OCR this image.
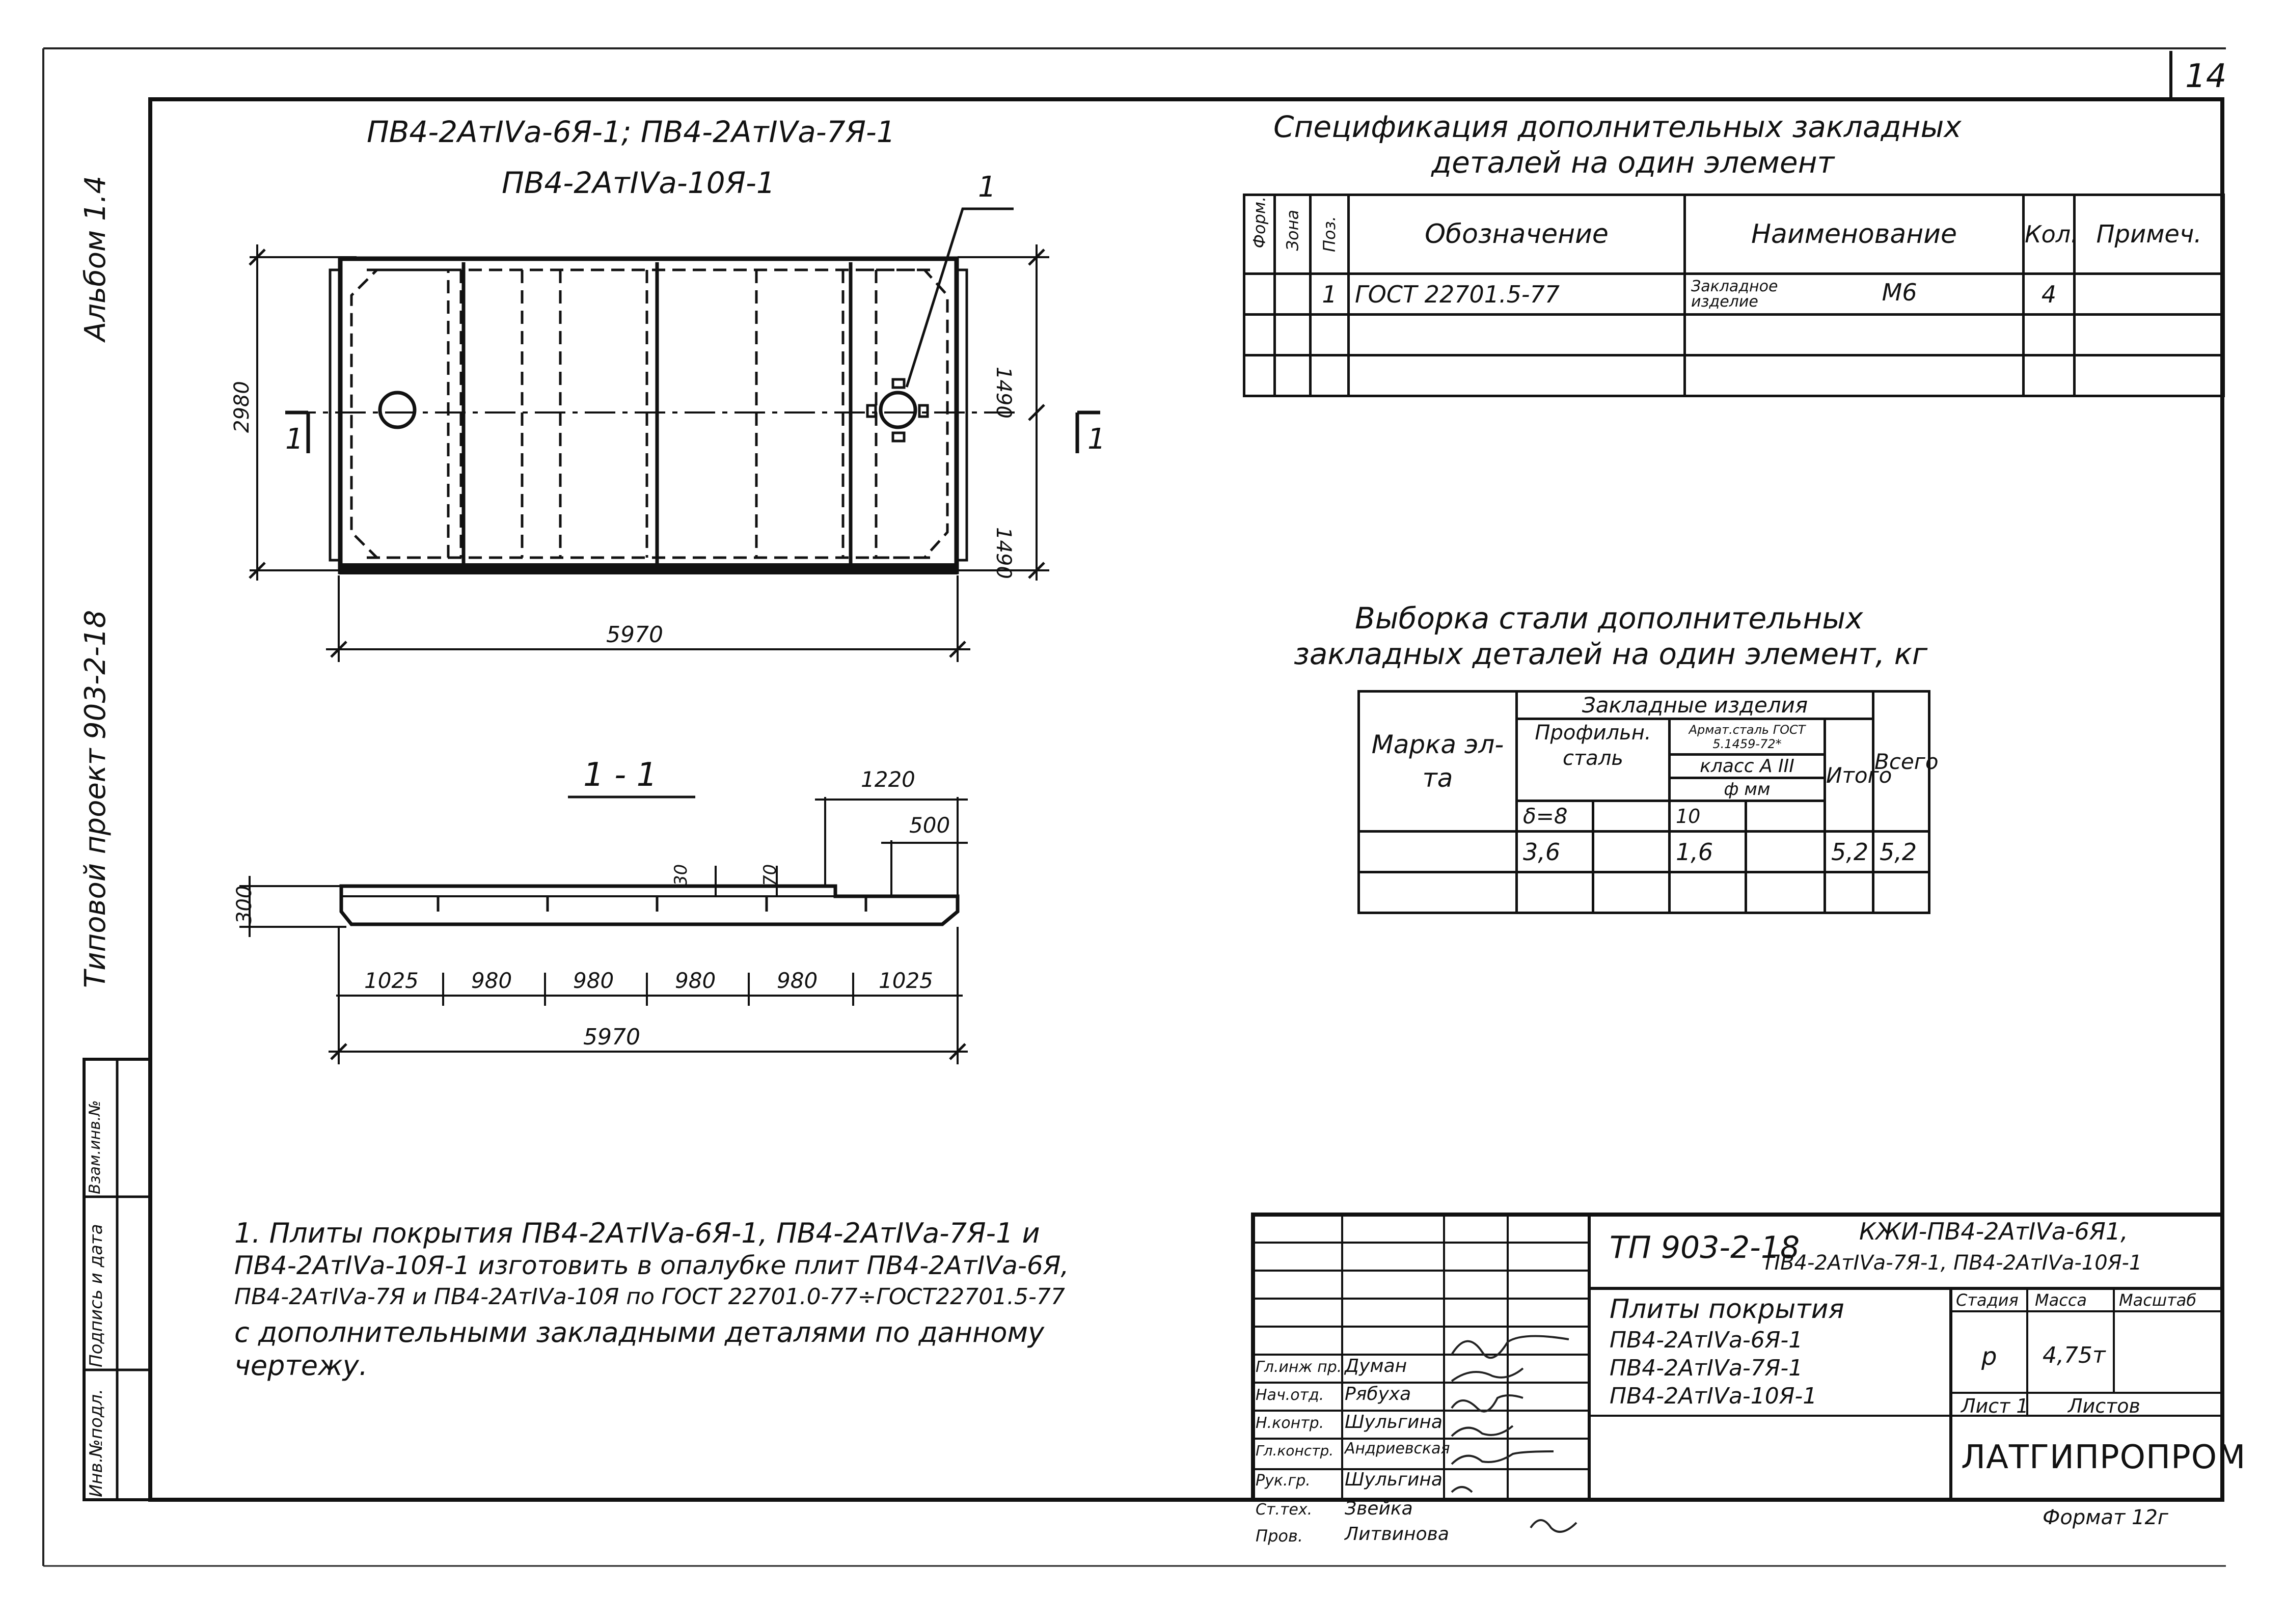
14
Альбом 1.4
Типовой проект 903-2-18
Инв.№подл.
Подпись и дата
Взам.инв.№
ПВ4-2АтIVа-6Я-1; ПВ4-2АтIVа-7Я-1
ПВ4-2АтIVа-10Я-1	1
5970
2980	1490
1490
1	1
1 - 1	1220
500
300
30	70
1025 980	980	980	980	1025
5970
Спецификация дополнительных закладных
деталей на один элемент
Форм.	Зона	Поз.	Обозначение	Наименование	Кол.	Примеч.
		1	ГОСТ 22701.5-77	Закладное изделие М6	4	

Выборка стали дополнительных
закладных деталей на один элемент, кг
Марка эл-та	Закладные изделия					Всего
	Профильн. сталь		Армат.сталь ГОСТ 5.1459-72*		Итого	
			класс А III			
			ф мм			
	δ=8		10			
	3,6		1,6		5,2	5,2

1. Плиты покрытия ПВ4-2АтIVа-6Я-1, ПВ4-2АтIVа-7Я-1 и
ПВ4-2АтIVа-10Я-1 изготовить в опалубке плит ПВ4-2АтIVа-6Я,
ПВ4-2АтIVа-7Я и ПВ4-2АтIVа-10Я по ГОСТ 22701.0-77÷ГОСТ22701.5-77
с дополнительными закладными деталями по данному
чертежу.
ТП 903-2-18	КЖИ-ПВ4-2АтIVа-6Я1,
ПВ4-2АтIVа-7Я-1, ПВ4-2АтIVа-10Я-1
Плиты покрытия
ПВ4-2АтIVа-6Я-1
ПВ4-2АтIVа-7Я-1
ПВ4-2АтIVа-10Я-1
Стадия Масса Масштаб
р 4,75т
Лист 1 Листов
ЛАТГИПРОПРОМ
Формат 12г
Гл.инж пр. Думан
Нач.отд. Рябуха
Н.контр. Шульгина
Гл.констр. Андриевская
Рук.гр. Шульгина
Ст.тех. Звейка
Пров. Литвинова
